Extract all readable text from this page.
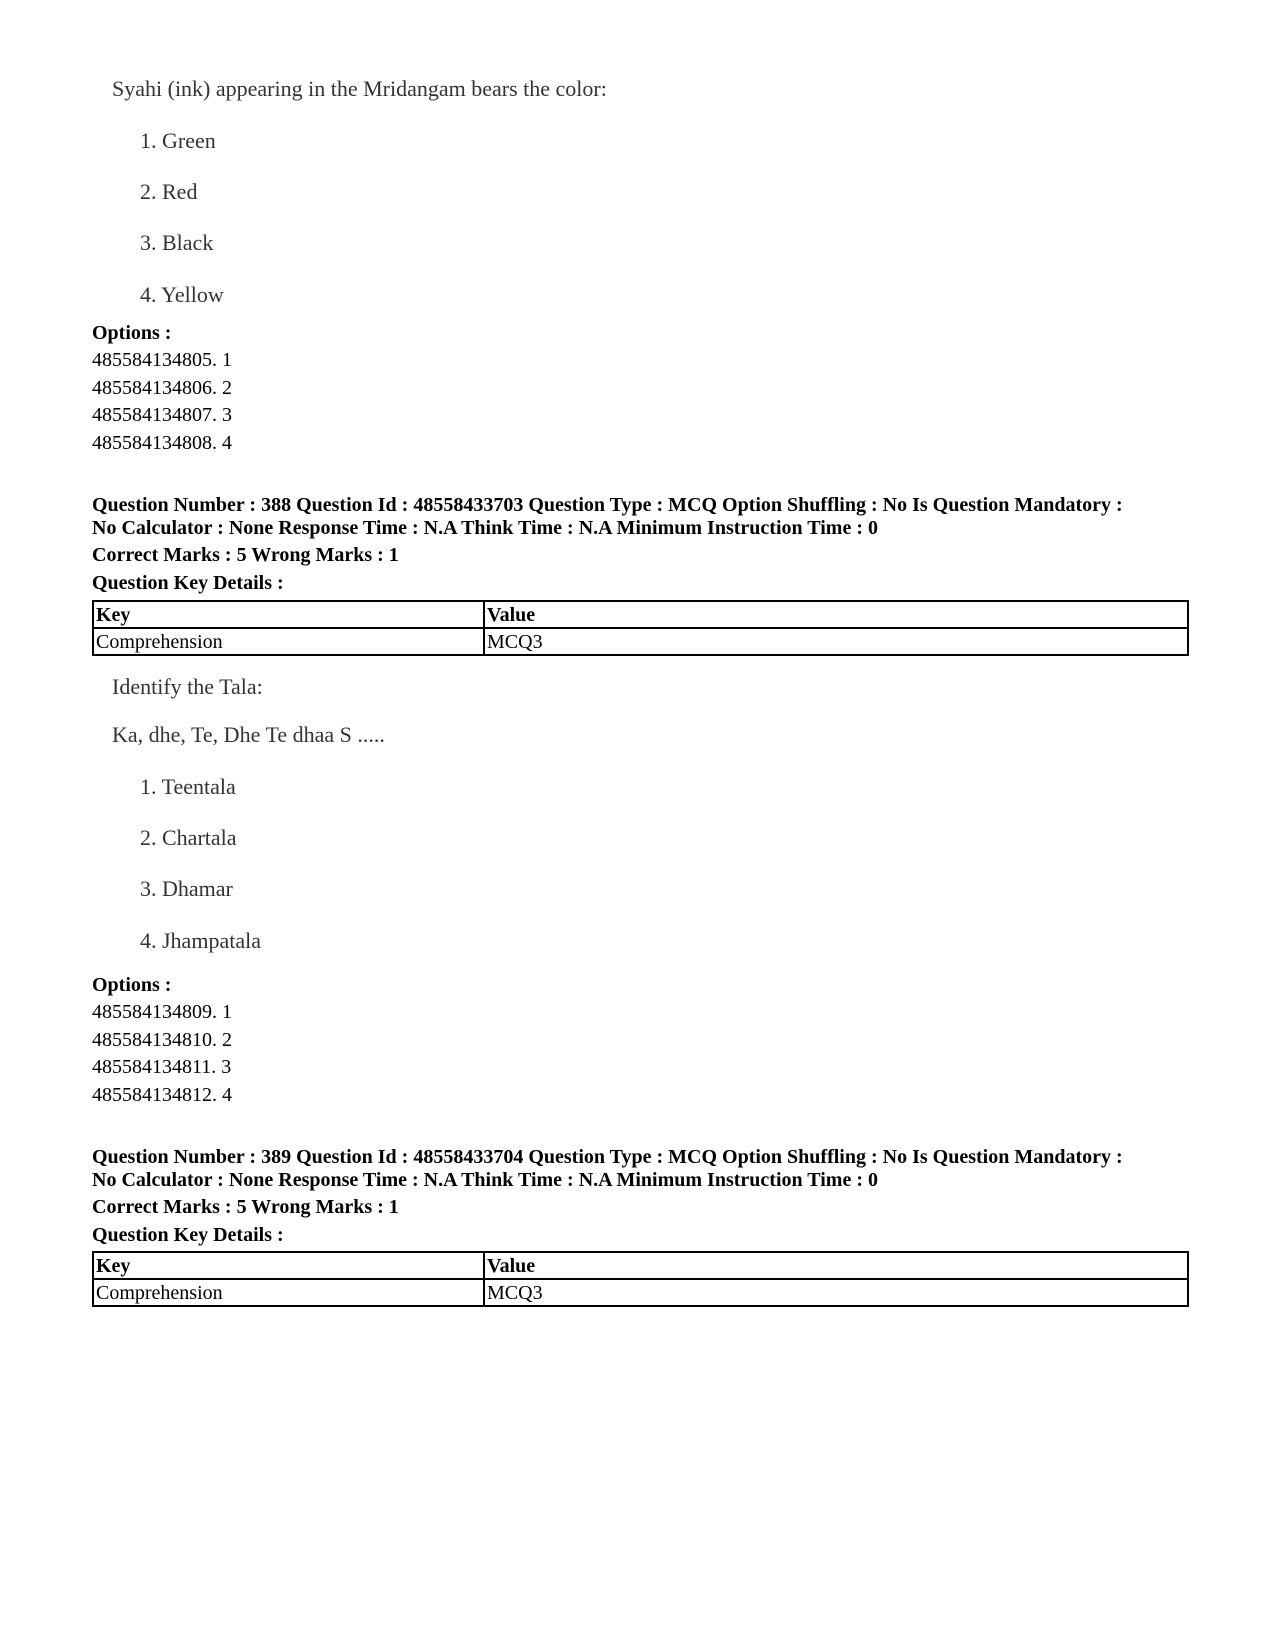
Syahi (ink) appearing in the Mridangam bears the color:
1. Green
2. Red
3. Black
4. Yellow
Options :
485584134805. 1
485584134806. 2
485584134807. 3
485584134808. 4
Question Number : 388 Question Id : 48558433703 Question Type : MCQ Option Shuffling : No Is Question Mandatory :
No Calculator : None Response Time : N.A Think Time : N.A Minimum Instruction Time : 0
Correct Marks : 5 Wrong Marks : 1
Question Key Details :
Key	Value
Comprehension	MCQ3
Identify the Tala:
Ka, dhe, Te, Dhe Te dhaa S .....
1. Teentala
2. Chartala
3. Dhamar
4. Jhampatala
Options :
485584134809. 1
485584134810. 2
485584134811. 3
485584134812. 4
Question Number : 389 Question Id : 48558433704 Question Type : MCQ Option Shuffling : No Is Question Mandatory :
No Calculator : None Response Time : N.A Think Time : N.A Minimum Instruction Time : 0
Correct Marks : 5 Wrong Marks : 1
Question Key Details :
Key	Value
Comprehension	MCQ3
